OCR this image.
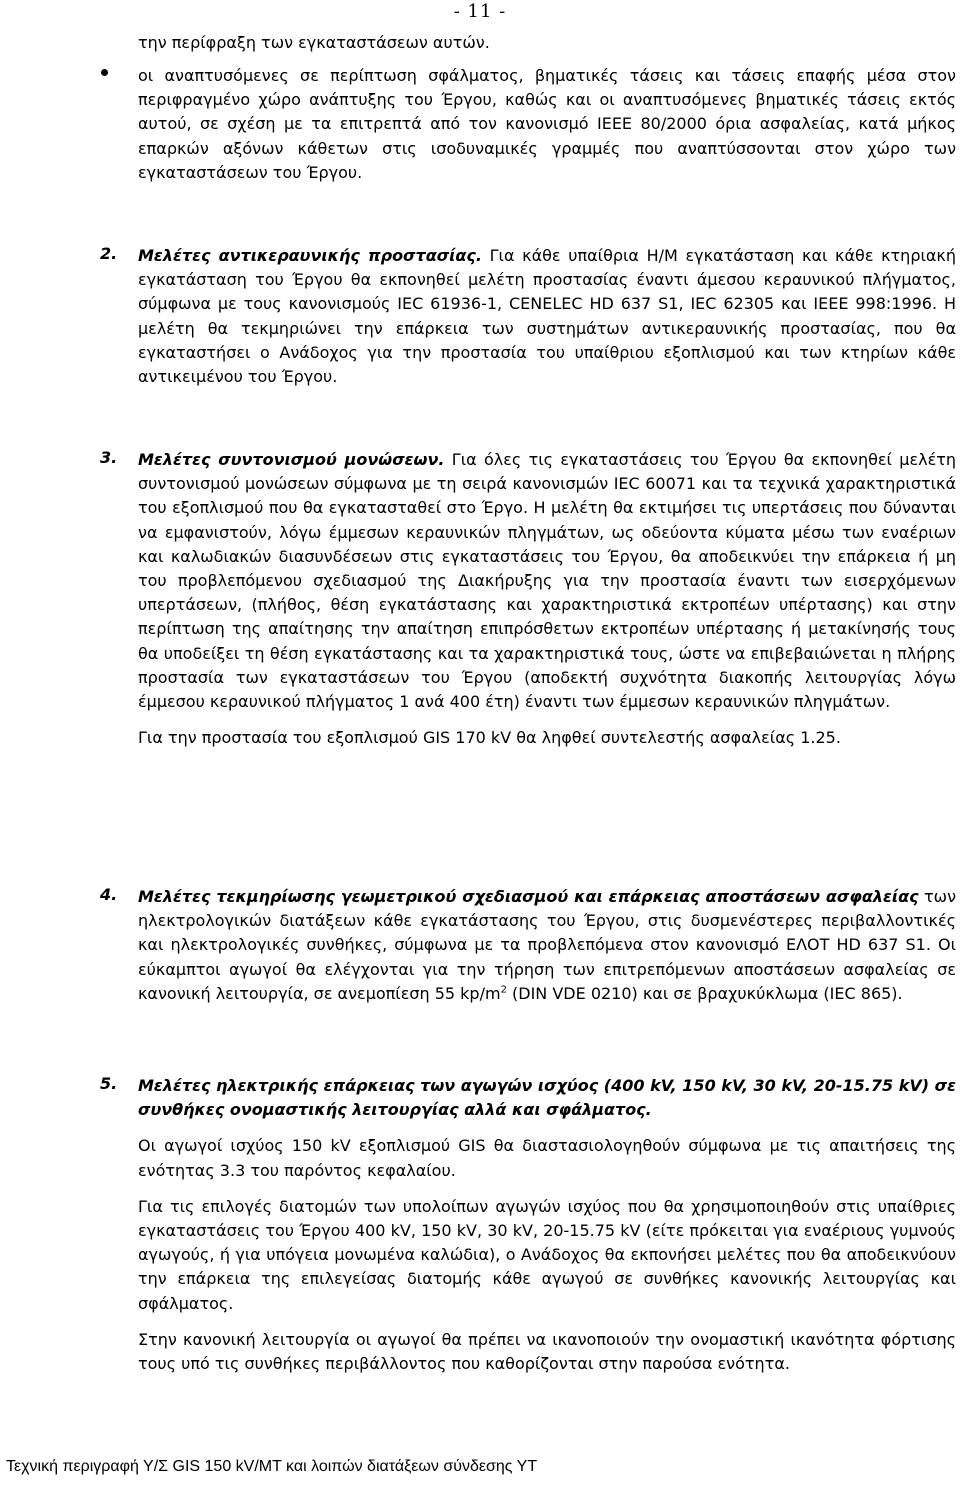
- 11 -

την περίφραξη των εγκαταστάσεων αυτών.

οι αναπτυσόμενες σε περίπτωση σφάλματος, βηματικές τάσεις και τάσεις επαφής μέσα στον περιφραγμένο χώρο ανάπτυξης του Έργου, καθώς και οι αναπτυσόμενες βηματικές τάσεις εκτός αυτού, σε σχέση με τα επιτρεπτά από τον κανονισμό IEEE 80/2000 όρια ασφαλείας, κατά μήκος επαρκών αξόνων κάθετων στις ισοδυναμικές γραμμές που αναπτύσσονται στον χώρο των εγκαταστάσεων του Έργου.

2. Μελέτες αντικεραυνικής προστασίας. Για κάθε υπαίθρια Η/Μ εγκατάσταση και κάθε κτηριακή εγκατάσταση του Έργου θα εκπονηθεί μελέτη προστασίας έναντι άμεσου κεραυνικού πλήγματος, σύμφωνα με τους κανονισμούς IEC 61936-1, CENELEC HD 637 S1, IEC 62305 και IEEE 998:1996. Η μελέτη θα τεκμηριώνει την επάρκεια των συστημάτων αντικεραυνικής προστασίας, που θα εγκαταστήσει ο Ανάδοχος για την προστασία του υπαίθριου εξοπλισμού και των κτηρίων κάθε αντικειμένου του Έργου.

3. Μελέτες συντονισμού μονώσεων. Για όλες τις εγκαταστάσεις του Έργου θα εκπονηθεί μελέτη συντονισμού μονώσεων σύμφωνα με τη σειρά κανονισμών IEC 60071 και τα τεχνικά χαρακτηριστικά του εξοπλισμού που θα εγκατασταθεί στο Έργο. Η μελέτη θα εκτιμήσει τις υπερτάσεις που δύνανται να εμφανιστούν, λόγω έμμεσων κεραυνικών πληγμάτων, ως οδεύοντα κύματα μέσω των εναέριων και καλωδιακών διασυνδέσεων στις εγκαταστάσεις του Έργου, θα αποδεικνύει την επάρκεια ή μη του προβλεπόμενου σχεδιασμού της Διακήρυξης για την προστασία έναντι των εισερχόμενων υπερτάσεων, (πλήθος, θέση εγκατάστασης και χαρακτηριστικά εκτροπέων υπέρτασης) και στην περίπτωση της απαίτησης την απαίτηση επιπρόσθετων εκτροπέων υπέρτασης ή μετακίνησής τους θα υποδείξει τη θέση εγκατάστασης και τα χαρακτηριστικά τους, ώστε να επιβεβαιώνεται η πλήρης προστασία των εγκαταστάσεων του Έργου (αποδεκτή συχνότητα διακοπής λειτουργίας λόγω έμμεσου κεραυνικού πλήγματος 1 ανά 400 έτη) έναντι των έμμεσων κεραυνικών πληγμάτων.

Για την προστασία του εξοπλισμού GIS 170 kV θα ληφθεί συντελεστής ασφαλείας 1.25.

4. Μελέτες τεκμηρίωσης γεωμετρικού σχεδιασμού και επάρκειας αποστάσεων ασφαλείας των ηλεκτρολογικών διατάξεων κάθε εγκατάστασης του Έργου, στις δυσμενέστερες περιβαλλοντικές και ηλεκτρολογικές συνθήκες, σύμφωνα με τα προβλεπόμενα στον κανονισμό ΕΛΟΤ HD 637 S1. Οι εύκαμπτοι αγωγοί θα ελέγχονται για την τήρηση των επιτρεπόμενων αποστάσεων ασφαλείας σε κανονική λειτουργία, σε ανεμοπίεση 55 $kp/m^2$ (DIN VDE 0210) και σε βραχυκύκλωμα (IEC 865).

5. Μελέτες ηλεκτρικής επάρκειας των αγωγών ισχύος (400 kV, 150 kV, 30 kV, 20-15.75 kV) σε συνθήκες ονομαστικής λειτουργίας αλλά και σφάλματος.

Οι αγωγοί ισχύος 150 kV εξοπλισμού GIS θα διαστασιολογηθούν σύμφωνα με τις απαιτήσεις της ενότητας 3.3 του παρόντος κεφαλαίου.

Για τις επιλογές διατομών των υπολοίπων αγωγών ισχύος που θα χρησιμοποιηθούν στις υπαίθριες εγκαταστάσεις του Έργου 400 kV, 150 kV, 30 kV, 20-15.75 kV (είτε πρόκειται για εναέριους γυμνούς αγωγούς, ή για υπόγεια μονωμένα καλώδια), ο Ανάδοχος θα εκπονήσει μελέτες που θα αποδεικνύουν την επάρκεια της επιλεγείσας διατομής κάθε αγωγού σε συνθήκες κανονικής λειτουργίας και σφάλματος.

Στην κανονική λειτουργία οι αγωγοί θα πρέπει να ικανοποιούν την ονομαστική ικανότητα φόρτισης τους υπό τις συνθήκες περιβάλλοντος που καθορίζονται στην παρούσα ενότητα.

Τεχνική περιγραφή Υ/Σ GIS 150 kV/MT και λοιπών διατάξεων σύνδεσης ΥΤ
